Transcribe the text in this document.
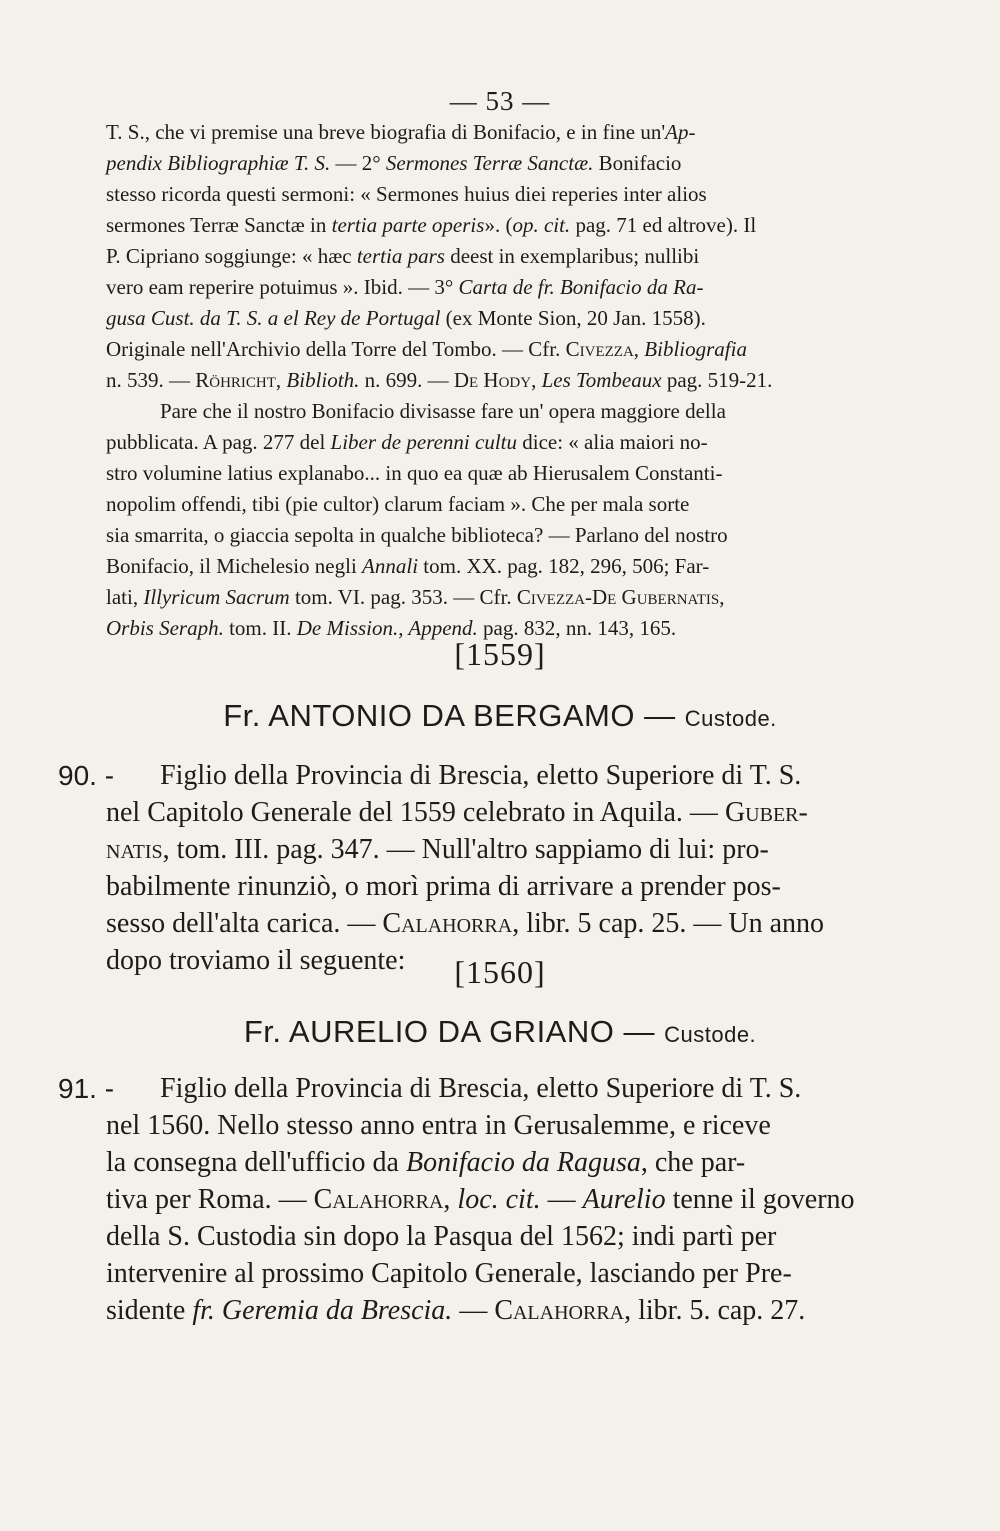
— 53 —
T. S., che vi premise una breve biografia di Bonifacio, e in fine un'Ap-
pendix Bibliographiæ T. S. — 2° Sermones Terræ Sanctæ. Bonifacio
stesso ricorda questi sermoni: « Sermones huius diei reperies inter alios
sermones Terræ Sanctæ in tertia parte operis». (op. cit. pag. 71 ed altrove). Il
P. Cipriano soggiunge: « hæc tertia pars deest in exemplaribus; nullibi
vero eam reperire potuimus ». Ibid. — 3° Carta de fr. Bonifacio da Ra-
gusa Cust. da T. S. a el Rey de Portugal (ex Monte Sion, 20 Jan. 1558).
Originale nell'Archivio della Torre del Tombo. — Cfr. Civezza, Bibliografia
n. 539. — Röhricht, Biblioth. n. 699. — De Hody, Les Tombeaux pag. 519-21.
Pare che il nostro Bonifacio divisasse fare un' opera maggiore della
pubblicata. A pag. 277 del Liber de perenni cultu dice: « alia maiori no-
stro volumine latius explanabo... in quo ea quæ ab Hierusalem Constanti-
nopolim offendi, tibi (pie cultor) clarum faciam ». Che per mala sorte
sia smarrita, o giaccia sepolta in qualche biblioteca? — Parlano del nostro
Bonifacio, il Michelesio negli Annali tom. XX. pag. 182, 296, 506; Far-
lati, Illyricum Sacrum tom. VI. pag. 353. — Cfr. Civezza-De Gubernatis,
Orbis Seraph. tom. II. De Mission., Append. pag. 832, nn. 143, 165.
[1559]
Fr. ANTONIO DA BERGAMO — Custode.
90. - Figlio della Provincia di Brescia, eletto Superiore di T. S.
nel Capitolo Generale del 1559 celebrato in Aquila. — Guber-
natis, tom. III. pag. 347. — Null'altro sappiamo di lui: pro-
babilmente rinunziò, o morì prima di arrivare a prender pos-
sesso dell'alta carica. — Calahorra, libr. 5 cap. 25. — Un anno
dopo troviamo il seguente:	[1560]
Fr. AURELIO DA GRIANO — Custode.
91. - Figlio della Provincia di Brescia, eletto Superiore di T. S.
nel 1560. Nello stesso anno entra in Gerusalemme, e riceve
la consegna dell'ufficio da Bonifacio da Ragusa, che par-
tiva per Roma. — Calahorra, loc. cit. — Aurelio tenne il governo
della S. Custodia sin dopo la Pasqua del 1562; indi partì per
intervenire al prossimo Capitolo Generale, lasciando per Pre-
sidente fr. Geremia da Brescia. — Calahorra, libr. 5. cap. 27.
